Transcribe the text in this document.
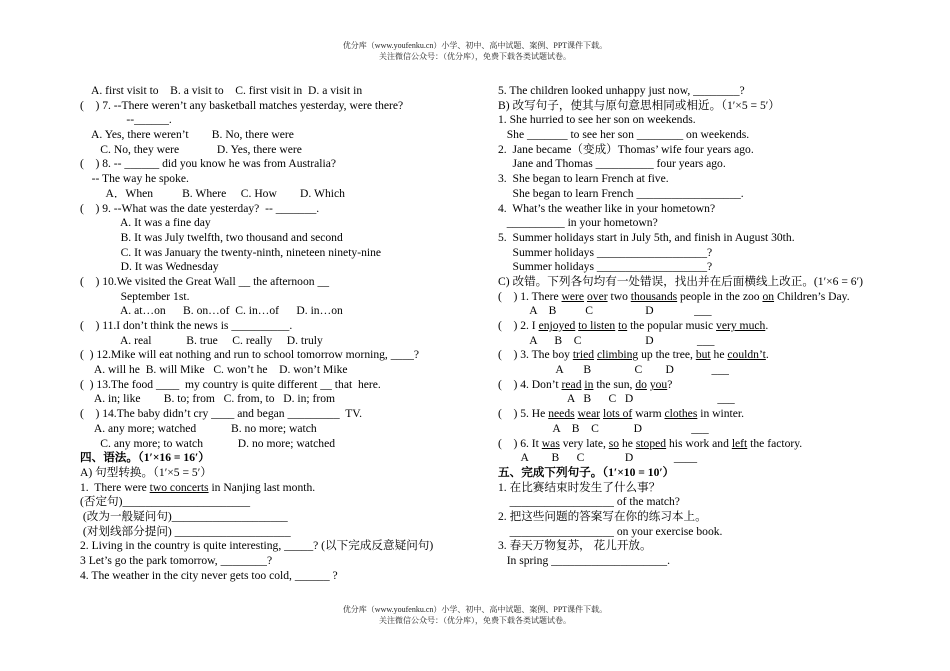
优分库（www.youfenku.cn）小学、初中、高中试题、案例、PPT课件下载。
关注微信公众号：（优分库），免费下载各类试题试卷。
A. first visit to    B. a visit to    C. first visit in  D. a visit in
(    ) 7. --There weren’t any basketball matches yesterday, were there?
--______.
A. Yes, there weren’t        B. No, there were
C. No, they were             D. Yes, there were
(    ) 8. -- ______ did you know he was from Australia?
-- The way he spoke.
A．When          B. Where     C. How        D. Which
(    ) 9. --What was the date yesterday?  -- _______.
A. It was a fine day
B. It was July twelfth, two thousand and second
C. It was January the twenty-ninth, nineteen ninety-nine
D. It was Wednesday
(    ) 10.We visited the Great Wall __ the afternoon __
September 1st.
A. at…on      B. on…of  C. in…of      D. in…on
(    ) 11.I don’t think the news is __________.
A. real            B. true     C. really     D. truly
(  ) 12.Mike will eat nothing and run to school tomorrow morning, ____?
A. will he  B. will Mike   C. won’t he    D. won’t Mike
(  ) 13.The food ____  my country is quite different __ that  here.
A. in; like        B. to; from   C. from, to   D. in; from
(    ) 14.The baby didn’t cry ____ and began _________  TV.
A. any more; watched            B. no more; watch
C. any more; to watch            D. no more; watched
四、语法。（1′×16 = 16′）
A) 句型转换。（1′×5 = 5′）
1.  There were two concerts in Nanjing last month.
(否定句)______________________
(改为一般疑问句)____________________
(对划线部分提问) ____________________
2. Living in the country is quite interesting, _____? (以下完成反意疑问句)
3 Let’s go the park tomorrow, ________?
4. The weather in the city never gets too cold, ______ ?
5. The children looked unhappy just now, ________?
B) 改写句子，使其与原句意思相同或相近。（1′×5 = 5′）
1. She hurried to see her son on weekends.
She _______ to see her son ________ on weekends.
2.  Jane became（变成）Thomas’ wife four years ago.
Jane and Thomas __________ four years ago.
3.  She began to learn French at five.
She began to learn French __________________.
4.  What’s the weather like in your hometown?
__________ in your hometown?
5.  Summer holidays start in July 5th, and finish in August 30th.
Summer holidays ___________________?
Summer holidays ___________________?
C) 改错。下列各句均有一处错误，找出并在后面横线上改正。(1′×6 = 6′)
(    ) 1. There were over two thousands people in the zoo on Children’s Day.
A    B          C                  D              ___
(    ) 2. I enjoyed to listen to the popular music very much.
A      B    C                      D               ___
(    ) 3. The boy tried climbing up the tree, but he couldn’t.
A       B               C        D             ___
(    ) 4. Don’t read in the sun, do you?
A   B      C   D                             ___
(    ) 5. He needs wear lots of warm clothes in winter.
A    B    C            D                 ___
(    ) 6. It was very late, so he stoped his work and left the factory.
A        B      C              D              ____
五、完成下列句子。（1′×10 = 10′）
1. 在比赛结束时发生了什么事？
__________________ of the match?
2. 把这些问题的答案写在你的练习本上。
__________________ on your exercise book.
3. 春天万物复苏， 花儿开放。
In spring ____________________.
优分库（www.youfenku.cn）小学、初中、高中试题、案例、PPT课件下载。
关注微信公众号：（优分库），免费下载各类试题试卷。
